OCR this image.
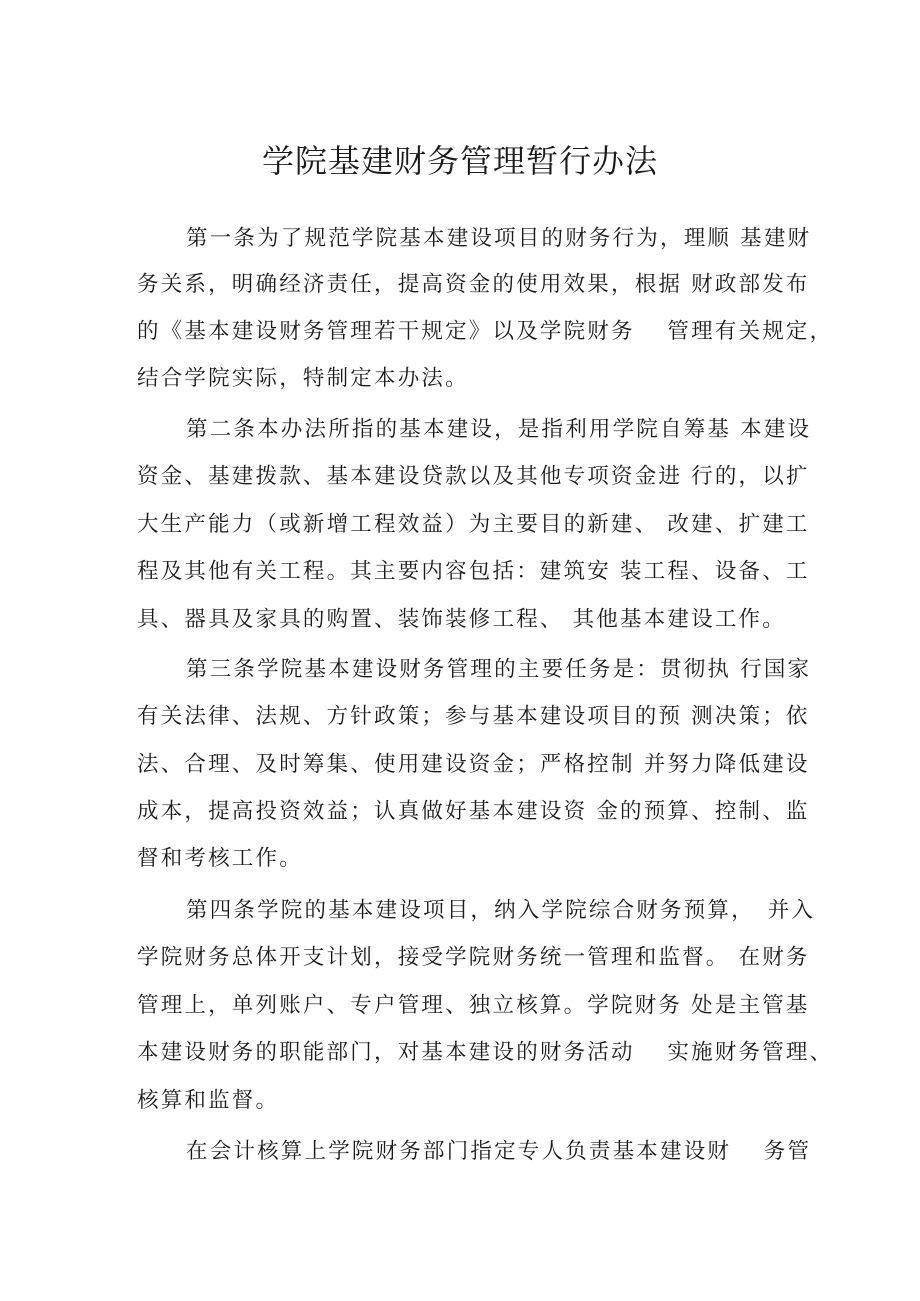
学院基建财务管理暂行办法

第一条为了规范学院基本建设项目的财务行为，理顺 基建财

务关系，明确经济责任，提高资金的使用效果，根据 财政部发布

的《基本建设财务管理若干规定》以及学院财务　 管理有关规定，

结合学院实际，特制定本办法。

第二条本办法所指的基本建设，是指利用学院自筹基 本建设

资金、基建拨款、基本建设贷款以及其他专项资金进 行的，以扩

大生产能力（或新增工程效益）为主要目的新建、 改建、扩建工

程及其他有关工程。其主要内容包括：建筑安 装工程、设备、工

具、器具及家具的购置、装饰装修工程、 其他基本建设工作。

第三条学院基本建设财务管理的主要任务是：贯彻执 行国家

有关法律、法规、方针政策；参与基本建设项目的预 测决策；依

法、合理、及时筹集、使用建设资金；严格控制 并努力降低建设

成本，提高投资效益；认真做好基本建设资 金的预算、控制、监

督和考核工作。

第四条学院的基本建设项目，纳入学院综合财务预算，　并入

学院财务总体开支计划，接受学院财务统一管理和监督。 在财务

管理上，单列账户、专户管理、独立核算。学院财务 处是主管基

本建设财务的职能部门，对基本建设的财务活动　 实施财务管理、

核算和监督。

在会计核算上学院财务部门指定专人负责基本建设财　 务管
